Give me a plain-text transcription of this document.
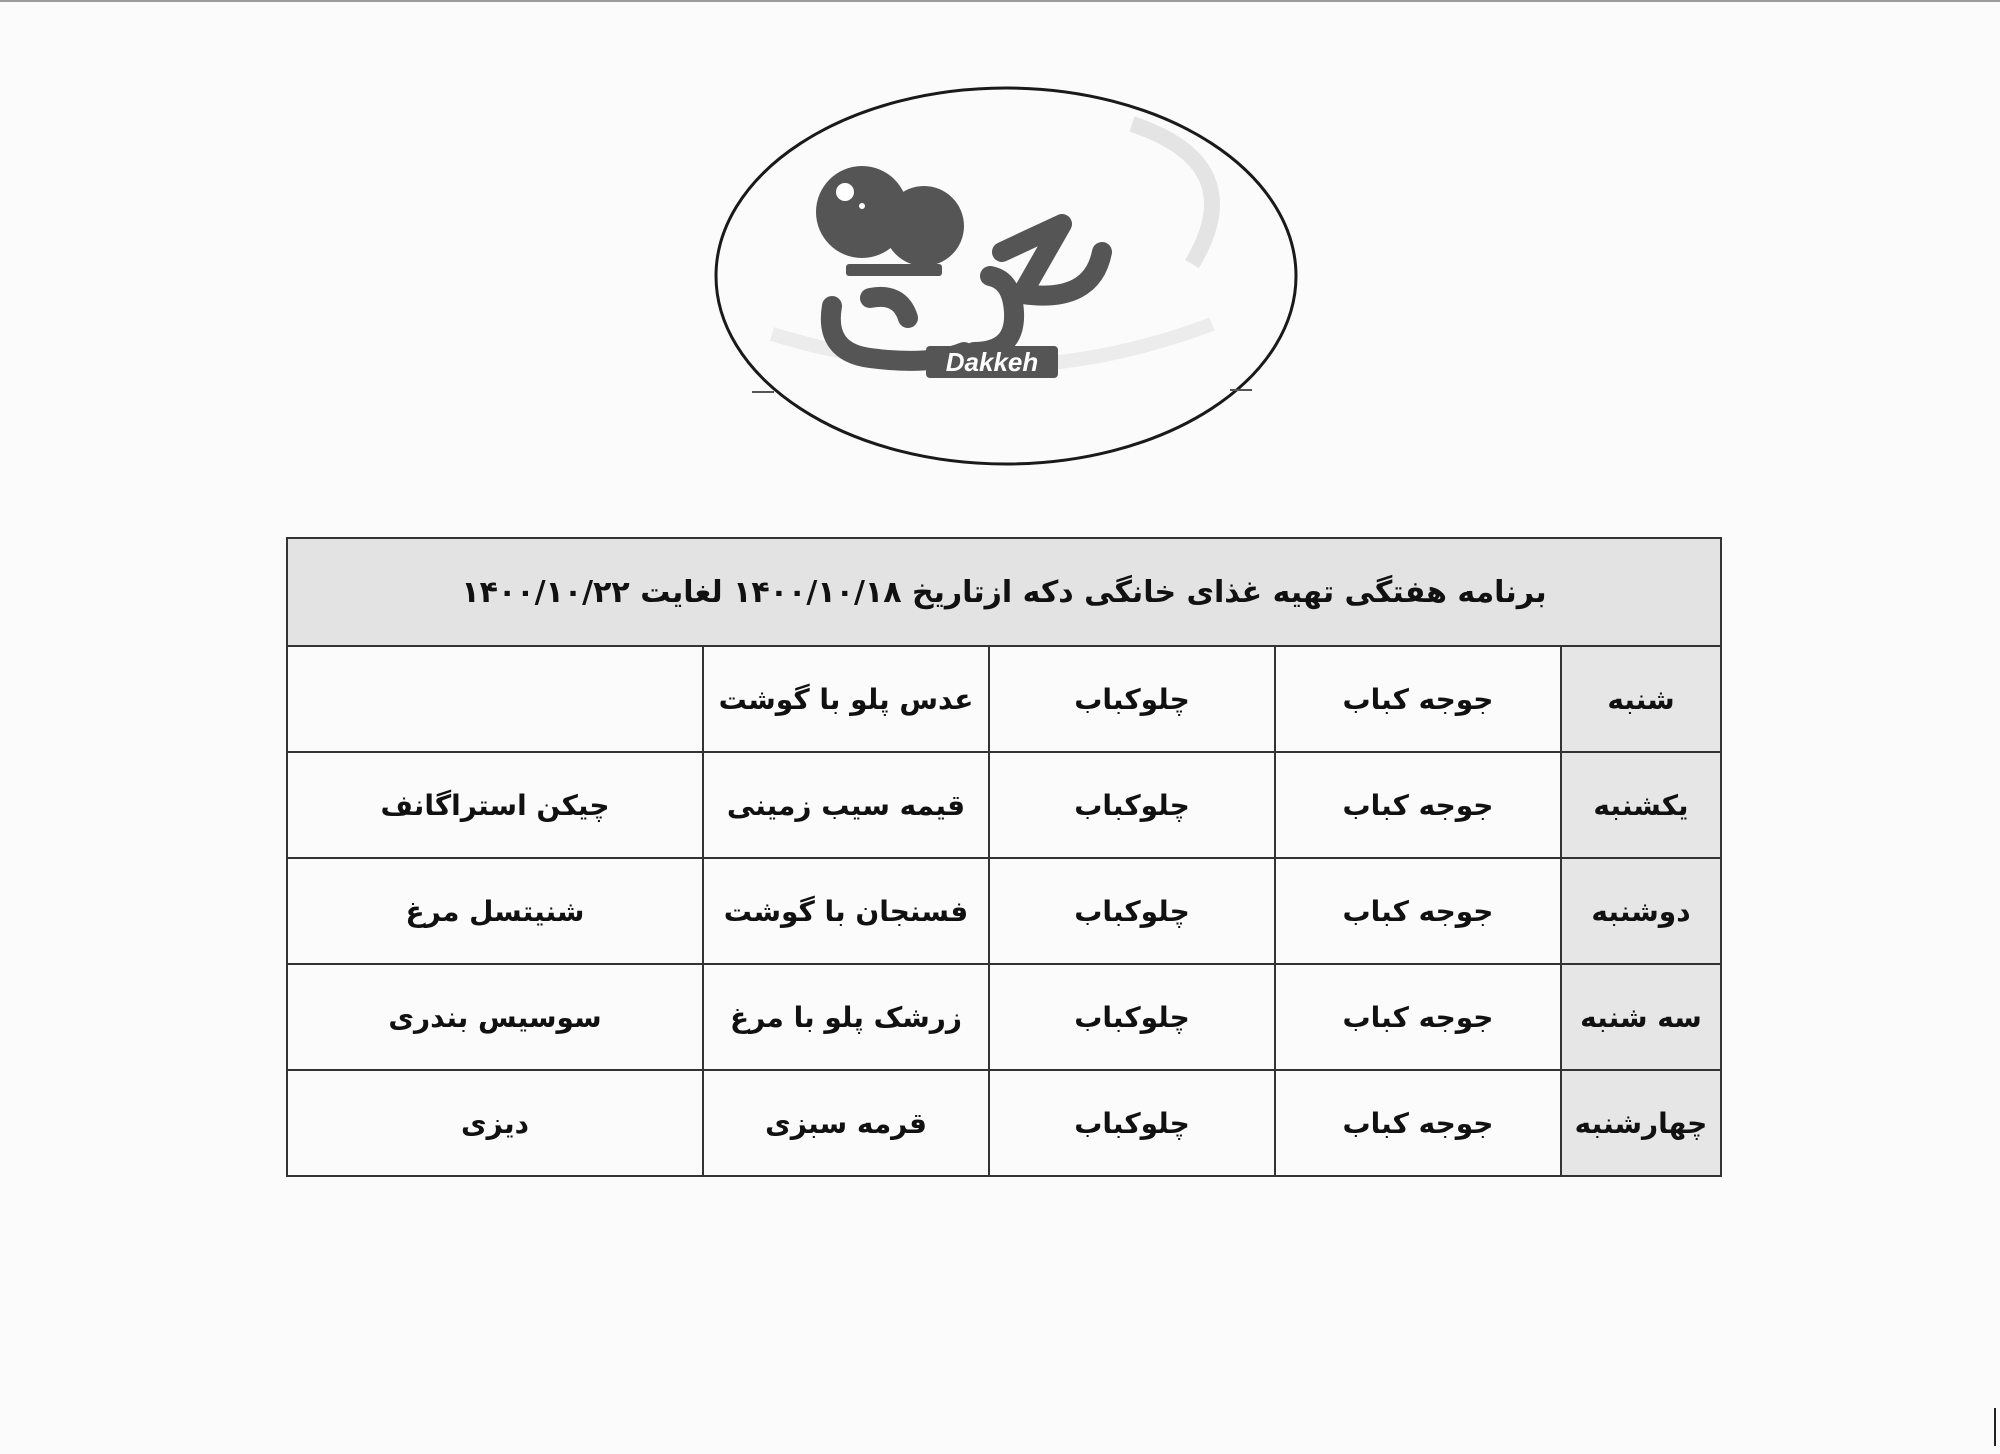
Dakkeh
برنامه هفتگی تهیه غذای خانگی دکه ازتاریخ ۱۴۰۰/۱۰/۱۸ لغایت ۱۴۰۰/۱۰/۲۲				
شنبه	جوجه کباب	چلوکباب	عدس پلو با گوشت	
یکشنبه	جوجه کباب	چلوکباب	قیمه سیب زمینی	چیکن استراگانف
دوشنبه	جوجه کباب	چلوکباب	فسنجان با گوشت	شنیتسل مرغ
سه شنبه	جوجه کباب	چلوکباب	زرشک پلو با مرغ	سوسیس بندری
چهارشنبه	جوجه کباب	چلوکباب	قرمه سبزی	دیزی
